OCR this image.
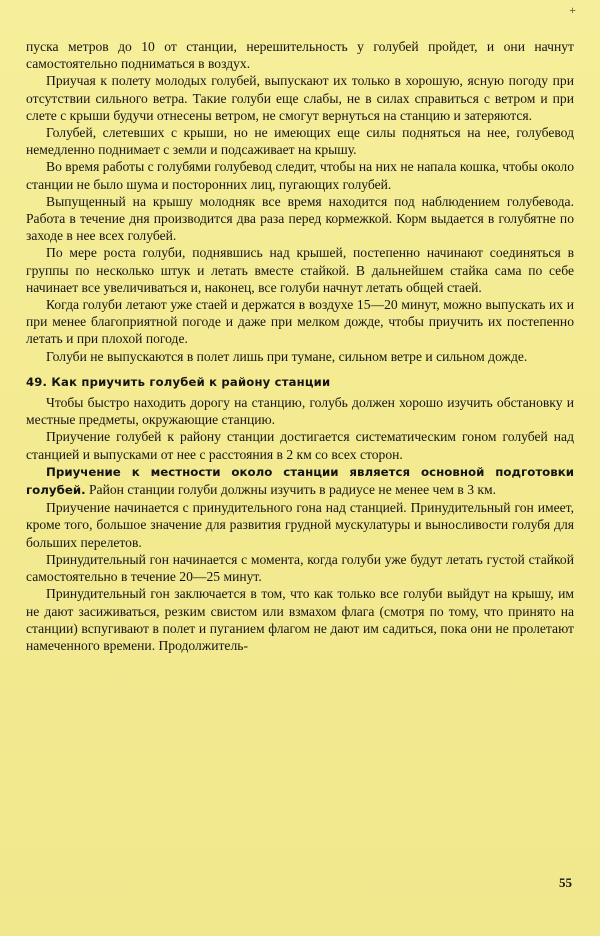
+

пуска метров до 10 от станции, нерешительность у голубей пройдет, и они начнут самостоятельно подниматься в воздух.

Приучая к полету молодых голубей, выпускают их только в хорошую, ясную погоду при отсутствии сильного ветра. Такие голуби еще слабы, не в силах справиться с ветром и при слете с крыши будучи отнесены ветром, не смогут вернуться на станцию и затеряются.

Голубей, слетевших с крыши, но не имеющих еще силы подняться на нее, голубевод немедленно поднимает с земли и подсаживает на крышу.

Во время работы с голубями голубевод следит, чтобы на них не напала кошка, чтобы около станции не было шума и посторонних лиц, пугающих голубей.

Выпущенный на крышу молодняк все время находится под наблюдением голубевода. Работа в течение дня производится два раза перед кормежкой. Корм выдается в голубятне по заходе в нее всех голубей.

По мере роста голуби, поднявшись над крышей, постепенно начинают соединяться в группы по несколько штук и летать вместе стайкой. В дальнейшем стайка сама по себе начинает все увеличиваться и, наконец, все голуби начнут летать общей стаей.

Когда голуби летают уже стаей и держатся в воздухе 15—20 минут, можно выпускать их и при менее благоприятной погоде и даже при мелком дожде, чтобы приучить их постепенно летать и при плохой погоде.

Голуби не выпускаются в полет лишь при тумане, сильном ветре и сильном дожде.

49. Как приучить голубей к району станции

Чтобы быстро находить дорогу на станцию, голубь должен хорошо изучить обстановку и местные предметы, окружающие станцию.

Приучение голубей к району станции достигается систематическим гоном голубей над станцией и выпусками от нее с расстояния в 2 км со всех сторон.

Приучение к местности около станции является основной подготовки голубей. Район станции голуби должны изучить в радиусе не менее чем в 3 км.

Приучение начинается с принудительного гона над станцией. Принудительный гон имеет, кроме того, большое значение для развития грудной мускулатуры и выносливости голубя для больших перелетов.

Принудительный гон начинается с момента, когда голуби уже будут летать густой стайкой самостоятельно в течение 20—25 минут.

Принудительный гон заключается в том, что как только все голуби выйдут на крышу, им не дают засиживаться, резким свистом или взмахом флага (смотря по тому, что принято на станции) вспугивают в полет и пуганием флагом не дают им садиться, пока они не пролетают намеченного времени. Продолжитель-

55
